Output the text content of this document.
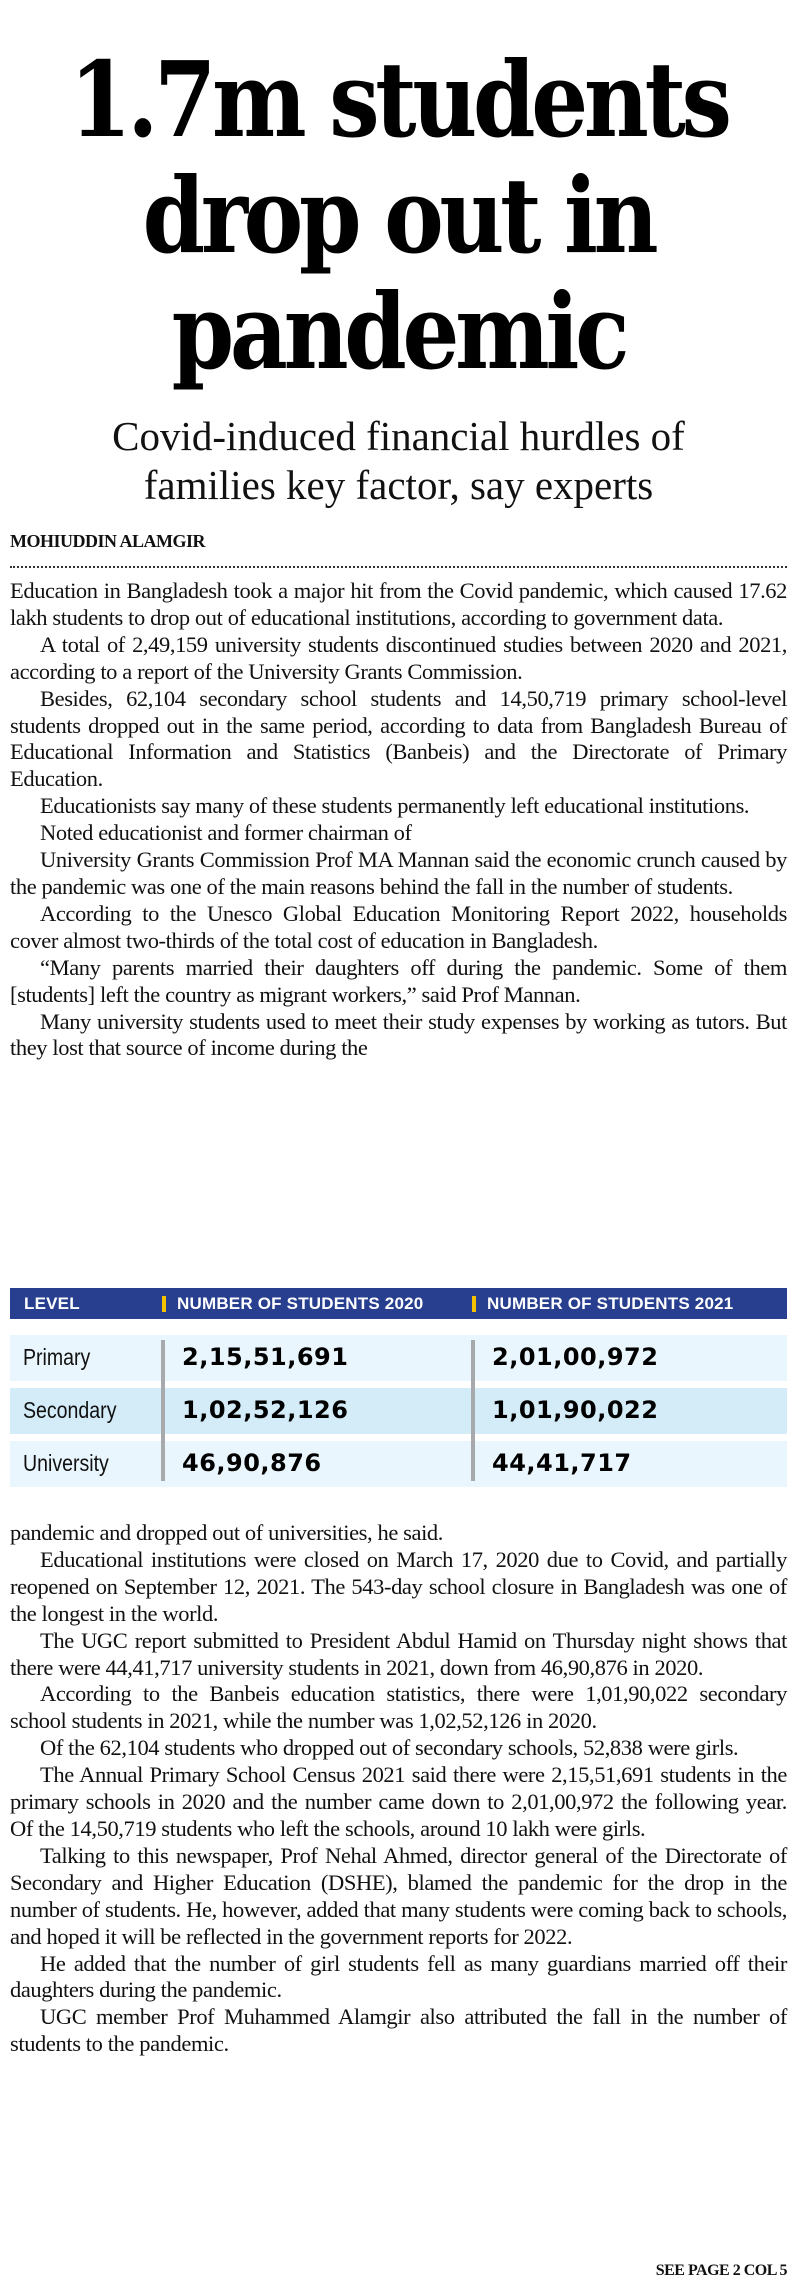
1.7m students
drop out in
pandemic
Covid-induced financial hurdles of
families key factor, say experts
MOHIUDDIN ALAMGIR

Education in Bangladesh took a major hit from the Covid pandemic, which caused 17.62 lakh students to drop out of educational institutions, according to government data.

A total of 2,49,159 university students discontinued studies between 2020 and 2021, according to a report of the University Grants Commission.

Besides, 62,104 secondary school students and 14,50,719 primary school-level students dropped out in the same period, according to data from Bangladesh Bureau of Educational Information and Statistics (Banbeis) and the Directorate of Primary Education.

Educationists say many of these students permanently left educational institutions.

Noted educationist and former chairman of

University Grants Commission Prof MA Mannan said the economic crunch caused by the pandemic was one of the main reasons behind the fall in the number of students.

According to the Unesco Global Education Monitoring Report 2022, households cover almost two-thirds of the total cost of education in Bangladesh.

“Many parents married their daughters off during the pandemic. Some of them [students] left the country as migrant workers,” said Prof Mannan.

Many university students used to meet their study expenses by working as tutors. But they lost that source of income during the

LEVEL	NUMBER OF STUDENTS 2020	NUMBER OF STUDENTS 2021
Primary	2,15,51,691	2,01,00,972
Secondary	1,02,52,126	1,01,90,022
University	46,90,876	44,41,717

pandemic and dropped out of universities, he said.

Educational institutions were closed on March 17, 2020 due to Covid, and partially reopened on September 12, 2021. The 543-day school closure in Bangladesh was one of the longest in the world.

The UGC report submitted to President Abdul Hamid on Thursday night shows that there were 44,41,717 university students in 2021, down from 46,90,876 in 2020.

According to the Banbeis education statistics, there were 1,01,90,022 secondary school students in 2021, while the number was 1,02,52,126 in 2020.

Of the 62,104 students who dropped out of secondary schools, 52,838 were girls.

The Annual Primary School Census 2021 said there were 2,15,51,691 students in the primary schools in 2020 and the number came down to 2,01,00,972 the following year. Of the 14,50,719 students who left the schools, around 10 lakh were girls.

Talking to this newspaper, Prof Nehal Ahmed, director general of the Directorate of Secondary and Higher Education (DSHE), blamed the pandemic for the drop in the number of students. He, however, added that many students were coming back to schools, and hoped it will be reflected in the government reports for 2022.

He added that the number of girl students fell as many guardians married off their daughters during the pandemic.

UGC member Prof Muhammed Alamgir also attributed the fall in the number of students to the pandemic.

SEE PAGE 2 COL 5
